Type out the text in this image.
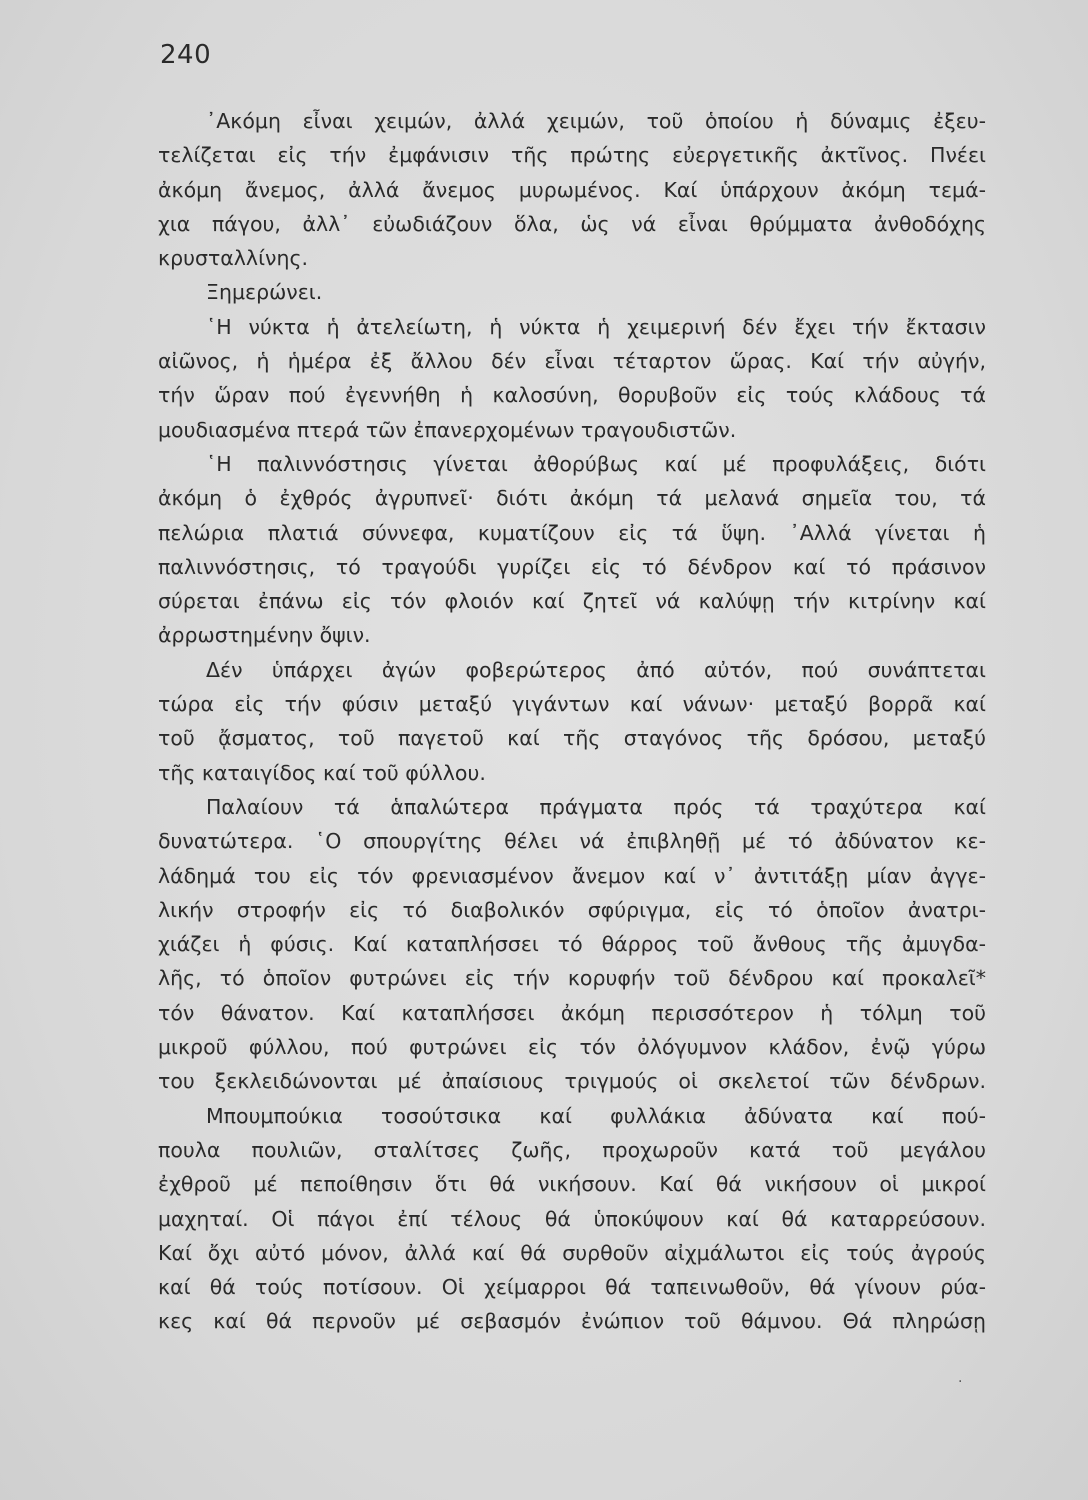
240
᾿Ακόμη εἶναι χειμών, ἀλλά χειμών, τοῦ ὁποίου ἡ δύναμις ἐξευ-
τελίζεται εἰς τήν ἐμφάνισιν τῆς πρώτης εὐεργετικῆς ἀκτῖνος. Πνέει
ἀκόμη ἄνεμος, ἀλλά ἄνεμος μυρωμένος. Καί ὑπάρχουν ἀκόμη τεμά-
χια πάγου, ἀλλ᾿ εὐωδιάζουν ὅλα, ὡς νά εἶναι θρύμματα ἀνθοδόχης
κρυσταλλίνης.
Ξημερώνει.
῾Η νύκτα ἡ ἀτελείωτη, ἡ νύκτα ἡ χειμερινή δέν ἔχει τήν ἔκτασιν
αἰῶνος, ἡ ἡμέρα ἐξ ἄλλου δέν εἶναι τέταρτον ὥρας. Καί τήν αὐγήν,
τήν ὥραν πού ἐγεννήθη ἡ καλοσύνη, θορυβοῦν εἰς τούς κλάδους τά
μουδιασμένα πτερά τῶν ἐπανερχομένων τραγουδιστῶν.
῾Η παλιννόστησις γίνεται ἀθορύβως καί μέ προφυλάξεις, διότι
ἀκόμη ὁ ἐχθρός ἀγρυπνεῖ· διότι ἀκόμη τά μελανά σημεῖα του, τά
πελώρια πλατιά σύννεφα, κυματίζουν εἰς τά ὕψη. ᾿Αλλά γίνεται ἡ
παλιννόστησις, τό τραγούδι γυρίζει εἰς τό δένδρον καί τό πράσινον
σύρεται ἐπάνω εἰς τόν φλοιόν καί ζητεῖ νά καλύψῃ τήν κιτρίνην καί
ἀρρωστημένην ὄψιν.
Δέν ὑπάρχει ἀγών φοβερώτερος ἀπό αὐτόν, πού συνάπτεται
τώρα εἰς τήν φύσιν μεταξύ γιγάντων καί νάνων· μεταξύ βορρᾶ καί
τοῦ ᾄσματος, τοῦ παγετοῦ καί τῆς σταγόνος τῆς δρόσου, μεταξύ
τῆς καταιγίδος καί τοῦ φύλλου.
Παλαίουν τά ἁπαλώτερα πράγματα πρός τά τραχύτερα καί
δυνατώτερα. ῾Ο σπουργίτης θέλει νά ἐπιβληθῇ μέ τό ἀδύνατον κε-
λάδημά του εἰς τόν φρενιασμένον ἄνεμον καί ν᾿ ἀντιτάξῃ μίαν ἀγγε-
λικήν στροφήν εἰς τό διαβολικόν σφύριγμα, εἰς τό ὁποῖον ἀνατρι-
χιάζει ἡ φύσις. Καί καταπλήσσει τό θάρρος τοῦ ἄνθους τῆς ἀμυγδα-
λῆς, τό ὁποῖον φυτρώνει εἰς τήν κορυφήν τοῦ δένδρου καί προκαλεῖ*
τόν θάνατον. Καί καταπλήσσει ἀκόμη περισσότερον ἡ τόλμη τοῦ
μικροῦ φύλλου, πού φυτρώνει εἰς τόν ὀλόγυμνον κλάδον, ἐνῷ γύρω
του ξεκλειδώνονται μέ ἀπαίσιους τριγμούς οἱ σκελετοί τῶν δένδρων.
Μπουμπούκια τοσούτσικα καί φυλλάκια ἀδύνατα καί πού-
πουλα πουλιῶν, σταλίτσες ζωῆς, προχωροῦν κατά τοῦ μεγάλου
ἐχθροῦ μέ πεποίθησιν ὅτι θά νικήσουν. Καί θά νικήσουν οἱ μικροί
μαχηταί. Οἱ πάγοι ἐπί τέλους θά ὑποκύψουν καί θά καταρρεύσουν.
Καί ὄχι αὐτό μόνον, ἀλλά καί θά συρθοῦν αἰχμάλωτοι εἰς τούς ἀγρούς
καί θά τούς ποτίσουν. Οἱ χείμαρροι θά ταπεινωθοῦν, θά γίνουν ρύα-
κες καί θά περνοῦν μέ σεβασμόν ἐνώπιον τοῦ θάμνου. Θά πληρώσῃ
·
